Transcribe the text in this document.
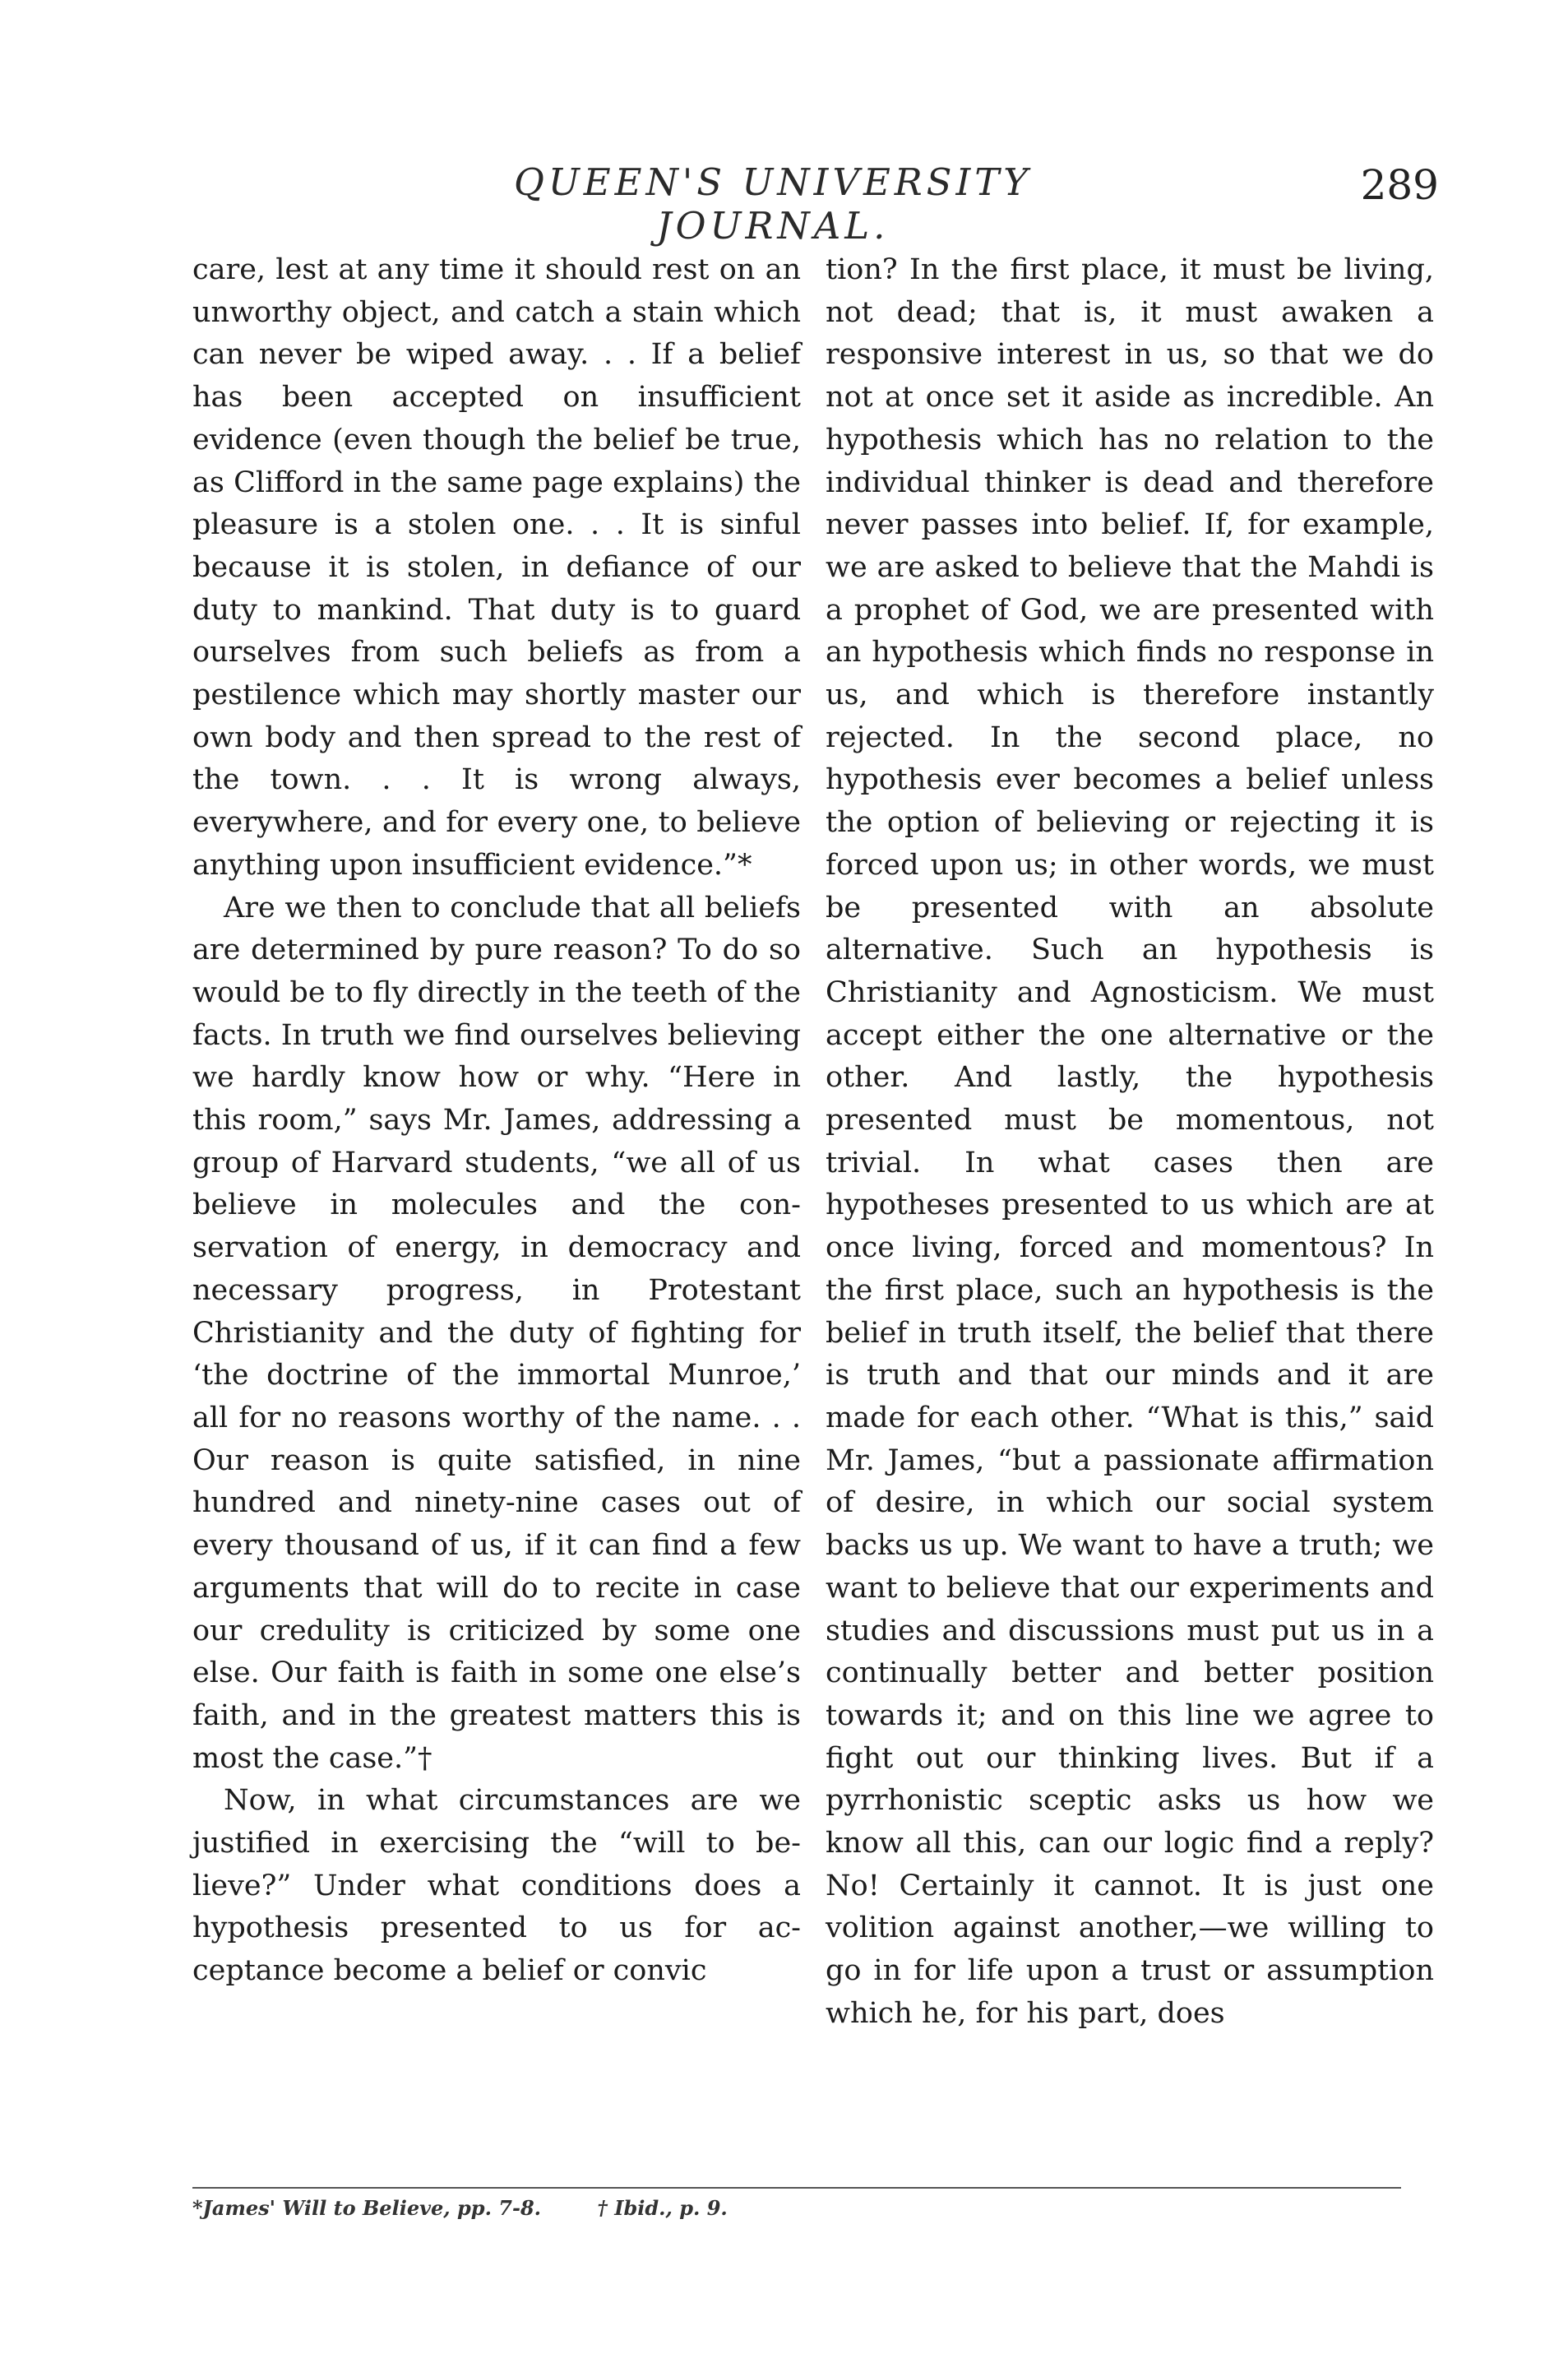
QUEEN'S UNIVERSITY JOURNAL.
289

care, lest at any time it should rest on an unworthy object, and catch a stain which can never be wiped away. . . If a belief has been accepted on insufficient evidence (even though the belief be true, as Clifford in the same page explains) the pleasure is a stolen one. . . It is sinful because it is stolen, in defiance of our duty to mankind. That duty is to guard ourselves from such beliefs as from a pestilence which may shortly master our own body and then spread to the rest of the town. . . It is wrong always, everywhere, and for every one, to believe anything upon insufficient evidence.”*

Are we then to conclude that all beliefs are determined by pure reason? To do so would be to fly directly in the teeth of the facts. In truth we find ourselves believing we hardly know how or why. “Here in this room,” says Mr. James, addressing a group of Harvard students, “we all of us believe in molecules and the conservation of energy, in democracy and necessary progress, in Protestant Christianity and the duty of fighting for ‘the doctrine of the immortal Munroe,’ all for no reasons worthy of the name. . . Our reason is quite satisfied, in nine hundred and ninety-nine cases out of every thousand of us, if it can find a few arguments that will do to recite in case our credulity is criticized by some one else. Our faith is faith in some one else’s faith, and in the greatest matters this is most the case.”†

Now, in what circumstances are we justified in exercising the “will to believe?” Under what conditions does a hypothesis presented to us for acceptance become a belief or convic

tion? In the first place, it must be living, not dead; that is, it must awaken a responsive interest in us, so that we do not at once set it aside as incredible. An hypothesis which has no relation to the individual thinker is dead and therefore never passes into belief. If, for example, we are asked to believe that the Mahdi is a prophet of God, we are presented with an hypothesis which finds no response in us, and which is therefore instantly rejected. In the second place, no hypothesis ever becomes a belief unless the option of believing or rejecting it is forced upon us; in other words, we must be presented with an absolute alternative. Such an hypothesis is Christianity and Agnosticism. We must accept either the one alternative or the other. And lastly, the hypothesis presented must be momentous, not trivial. In what cases then are hypotheses presented to us which are at once living, forced and momentous? In the first place, such an hypothesis is the belief in truth itself, the belief that there is truth and that our minds and it are made for each other. “What is this,” said Mr. James, “but a passionate affirmation of desire, in which our social system backs us up. We want to have a truth; we want to believe that our experiments and studies and discussions must put us in a continually better and better position towards it; and on this line we agree to fight out our thinking lives. But if a pyrrhonistic sceptic asks us how we know all this, can our logic find a reply? No! Certainly it cannot. It is just one volition against another,—we willing to go in for life upon a trust or assumption which he, for his part, does

*James' Will to Believe, pp. 7-8.	† Ibid., p. 9.
